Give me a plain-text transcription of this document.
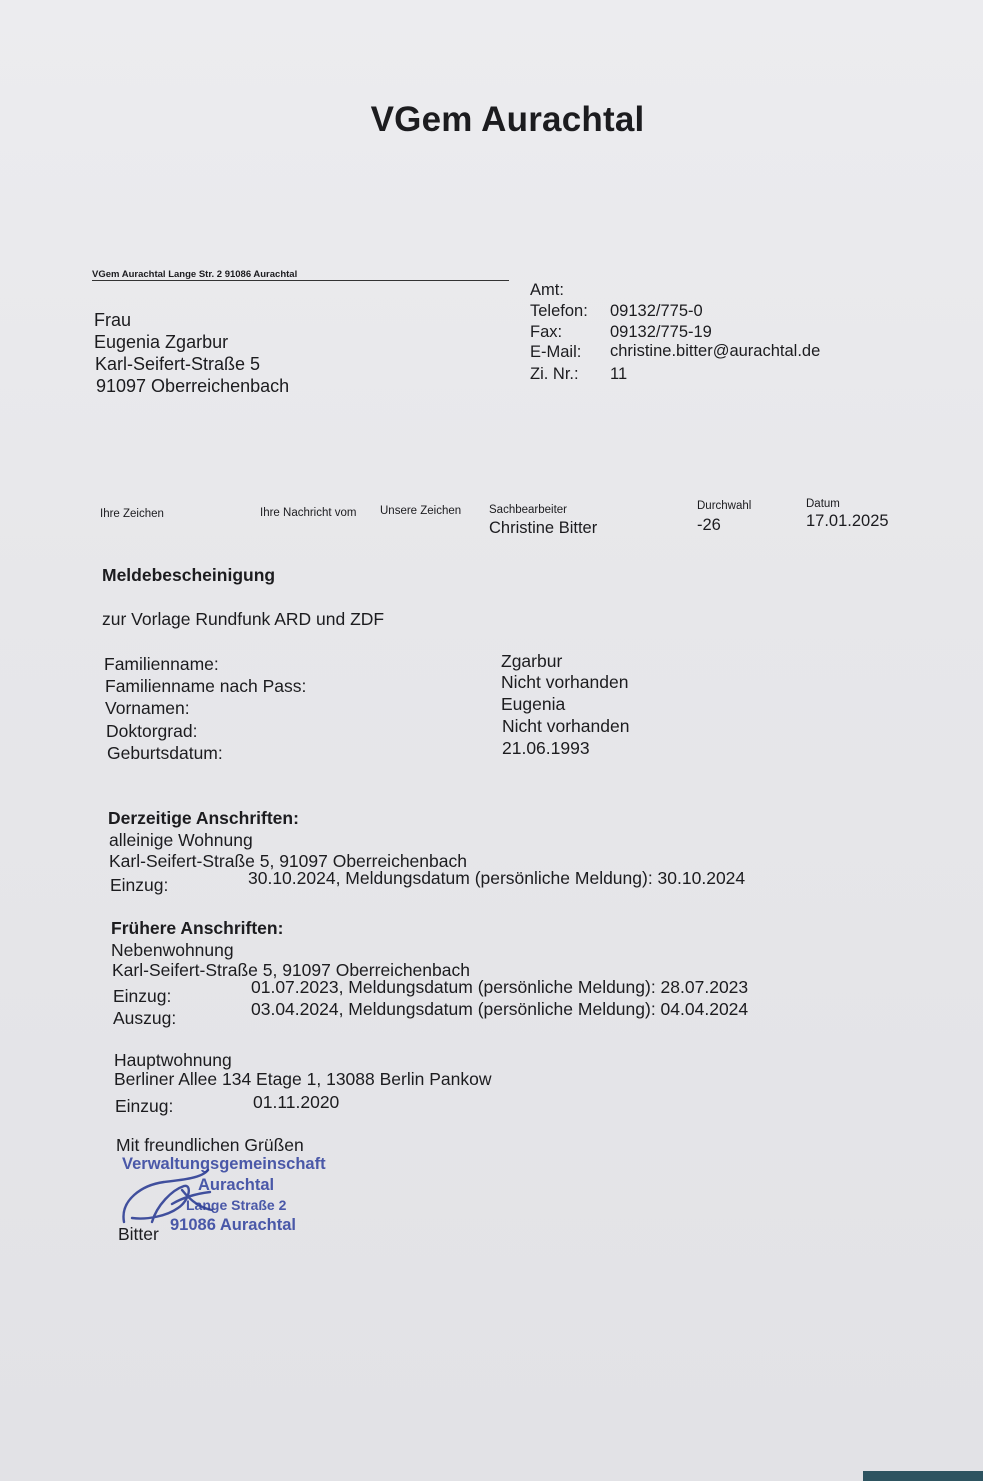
VGem Aurachtal
VGem Aurachtal Lange Str. 2 91086 Aurachtal
Frau
Eugenia Zgarbur
Karl-Seifert-Straße 5
91097 Oberreichenbach
Amt:
Telefon: 09132/775-0
Fax:	09132/775-19
E-Mail: christine.bitter@aurachtal.de
Zi. Nr.: 11
Ihre Zeichen	Ihre Nachricht vom Unsere Zeichen Sachbearbeiter
Christine Bitter
Durchwahl
-26
Datum
17.01.2025
Meldebescheinigung
zur Vorlage Rundfunk ARD und ZDF
Familienname:	Zgarbur
Familienname nach Pass:	Nicht vorhanden
Vornamen:	Eugenia
Doktorgrad:	Nicht vorhanden
Geburtsdatum:	21.06.1993
Derzeitige Anschriften:
alleinige Wohnung
Karl-Seifert-Straße 5, 91097 Oberreichenbach
Einzug:	30.10.2024, Meldungsdatum (persönliche Meldung): 30.10.2024
Frühere Anschriften:
Nebenwohnung
Karl-Seifert-Straße 5, 91097 Oberreichenbach
Einzug:	01.07.2023, Meldungsdatum (persönliche Meldung): 28.07.2023
Auszug:	03.04.2024, Meldungsdatum (persönliche Meldung): 04.04.2024
Hauptwohnung
Berliner Allee 134 Etage 1, 13088 Berlin Pankow
Einzug:	01.11.2020
Mit freundlichen Grüßen
Verwaltungsgemeinschaft
Aurachtal
Lange Straße 2
91086 Aurachtal
Bitter
